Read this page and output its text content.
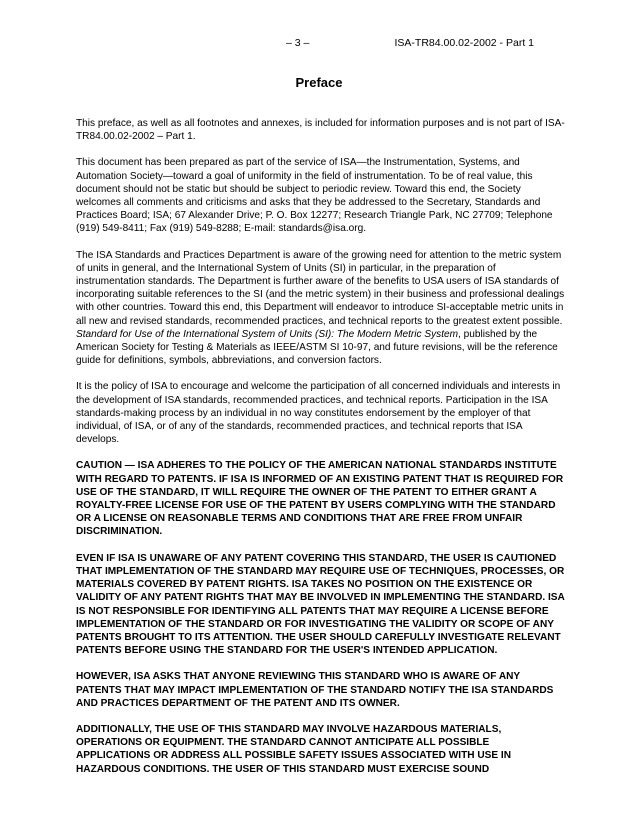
– 3 –	ISA-TR84.00.02-2002 - Part 1
Preface

This preface, as well as all footnotes and annexes, is included for information purposes and is not part of ISA-TR84.00.02-2002 – Part 1.

This document has been prepared as part of the service of ISA—the Instrumentation, Systems, and Automation Society—toward a goal of uniformity in the field of instrumentation. To be of real value, this document should not be static but should be subject to periodic review. Toward this end, the Society welcomes all comments and criticisms and asks that they be addressed to the Secretary, Standards and Practices Board; ISA; 67 Alexander Drive; P. O. Box 12277; Research Triangle Park, NC 27709; Telephone (919) 549-8411; Fax (919) 549-8288; E-mail: standards@isa.org.

The ISA Standards and Practices Department is aware of the growing need for attention to the metric system of units in general, and the International System of Units (SI) in particular, in the preparation of instrumentation standards. The Department is further aware of the benefits to USA users of ISA standards of incorporating suitable references to the SI (and the metric system) in their business and professional dealings with other countries. Toward this end, this Department will endeavor to introduce SI-acceptable metric units in all new and revised standards, recommended practices, and technical reports to the greatest extent possible. Standard for Use of the International System of Units (SI): The Modern Metric System, published by the American Society for Testing & Materials as IEEE/ASTM SI 10-97, and future revisions, will be the reference guide for definitions, symbols, abbreviations, and conversion factors.

It is the policy of ISA to encourage and welcome the participation of all concerned individuals and interests in the development of ISA standards, recommended practices, and technical reports. Participation in the ISA standards-making process by an individual in no way constitutes endorsement by the employer of that individual, of ISA, or of any of the standards, recommended practices, and technical reports that ISA develops.

CAUTION — ISA ADHERES TO THE POLICY OF THE AMERICAN NATIONAL STANDARDS INSTITUTE WITH REGARD TO PATENTS. IF ISA IS INFORMED OF AN EXISTING PATENT THAT IS REQUIRED FOR USE OF THE STANDARD, IT WILL REQUIRE THE OWNER OF THE PATENT TO EITHER GRANT A ROYALTY-FREE LICENSE FOR USE OF THE PATENT BY USERS COMPLYING WITH THE STANDARD OR A LICENSE ON REASONABLE TERMS AND CONDITIONS THAT ARE FREE FROM UNFAIR DISCRIMINATION.

EVEN IF ISA IS UNAWARE OF ANY PATENT COVERING THIS STANDARD, THE USER IS CAUTIONED THAT IMPLEMENTATION OF THE STANDARD MAY REQUIRE USE OF TECHNIQUES, PROCESSES, OR MATERIALS COVERED BY PATENT RIGHTS. ISA TAKES NO POSITION ON THE EXISTENCE OR VALIDITY OF ANY PATENT RIGHTS THAT MAY BE INVOLVED IN IMPLEMENTING THE STANDARD. ISA IS NOT RESPONSIBLE FOR IDENTIFYING ALL PATENTS THAT MAY REQUIRE A LICENSE BEFORE IMPLEMENTATION OF THE STANDARD OR FOR INVESTIGATING THE VALIDITY OR SCOPE OF ANY PATENTS BROUGHT TO ITS ATTENTION. THE USER SHOULD CAREFULLY INVESTIGATE RELEVANT PATENTS BEFORE USING THE STANDARD FOR THE USER'S INTENDED APPLICATION.

HOWEVER, ISA ASKS THAT ANYONE REVIEWING THIS STANDARD WHO IS AWARE OF ANY PATENTS THAT MAY IMPACT IMPLEMENTATION OF THE STANDARD NOTIFY THE ISA STANDARDS AND PRACTICES DEPARTMENT OF THE PATENT AND ITS OWNER.

ADDITIONALLY, THE USE OF THIS STANDARD MAY INVOLVE HAZARDOUS MATERIALS, OPERATIONS OR EQUIPMENT. THE STANDARD CANNOT ANTICIPATE ALL POSSIBLE APPLICATIONS OR ADDRESS ALL POSSIBLE SAFETY ISSUES ASSOCIATED WITH USE IN HAZARDOUS CONDITIONS. THE USER OF THIS STANDARD MUST EXERCISE SOUND
